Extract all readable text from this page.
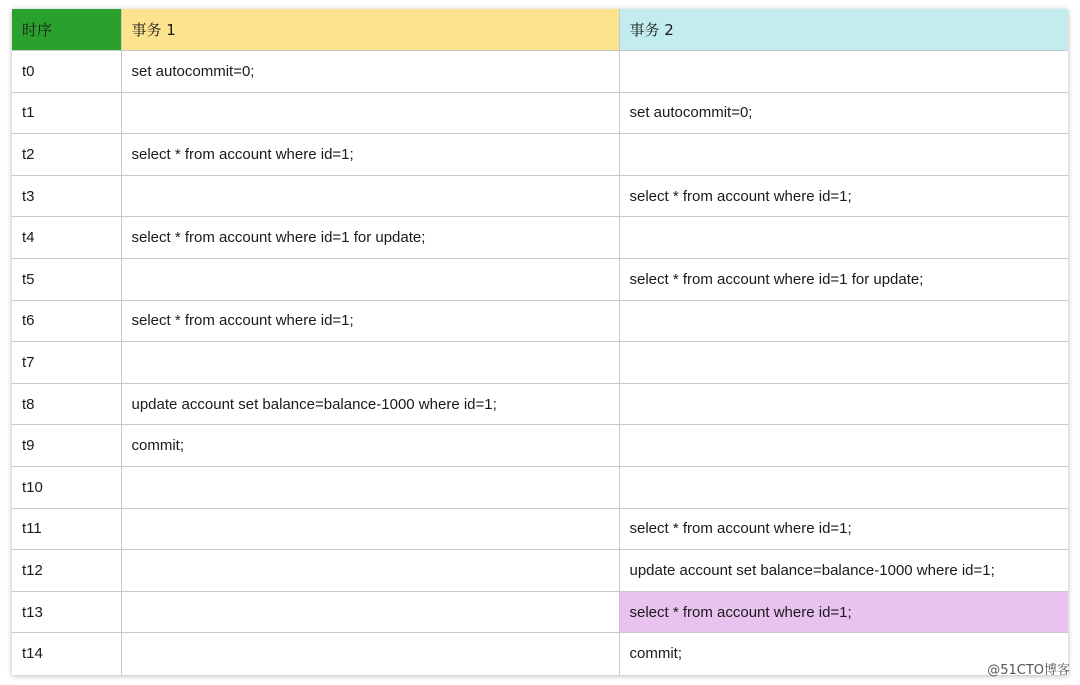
时序	事务 1	事务 2
t0	set autocommit=0;	
t1		set autocommit=0;
t2	select * from account where id=1;	
t3		select * from account where id=1;
t4	select * from account where id=1 for update;	
t5		select * from account where id=1 for update;
t6	select * from account where id=1;	
t7		
t8	update account set balance=balance-1000 where id=1;	
t9	commit;	
t10		
t11		select * from account where id=1;
t12		update account set balance=balance-1000 where id=1;
t13		select * from account where id=1;
t14		commit;
@51CTO博客
